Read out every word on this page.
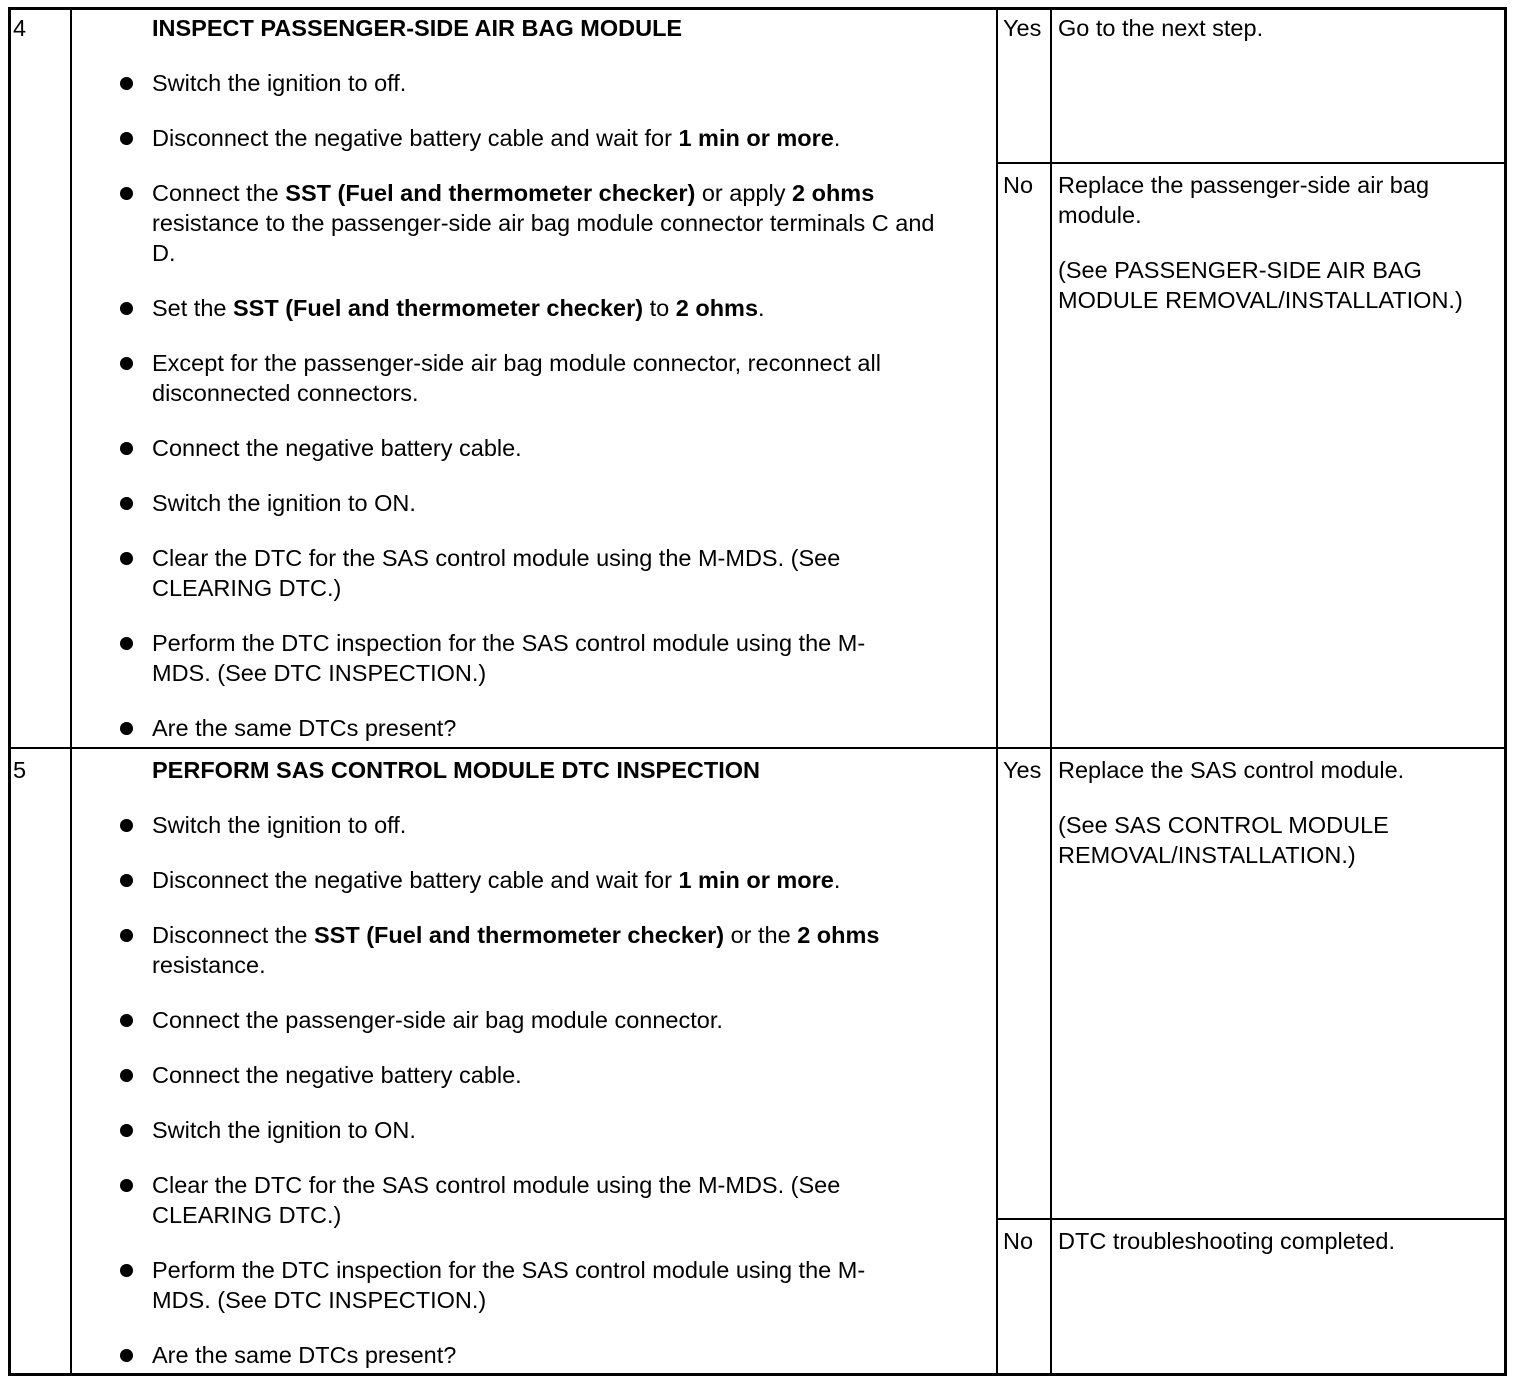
4	INSPECT PASSENGER-SIDE AIR BAG MODULE
Switch the ignition to off.
Disconnect the negative battery cable and wait for 1 min or more.
Connect the SST (Fuel and thermometer checker) or apply 2 ohms resistance to the passenger-side air bag module connector terminals C and D.
Set the SST (Fuel and thermometer checker) to 2 ohms.
Except for the passenger-side air bag module connector, reconnect all disconnected connectors.
Connect the negative battery cable.
Switch the ignition to ON.
Clear the DTC for the SAS control module using the M-MDS. (See CLEARING DTC.)
Perform the DTC inspection for the SAS control module using the M-MDS. (See DTC INSPECTION.)
Are the same DTCs present?
Yes Go to the next step.
No Replace the passenger-side air bag module.
(See PASSENGER-SIDE AIR BAG MODULE REMOVAL/INSTALLATION.)
5	PERFORM SAS CONTROL MODULE DTC INSPECTION
Switch the ignition to off.
Disconnect the negative battery cable and wait for 1 min or more.
Disconnect the SST (Fuel and thermometer checker) or the 2 ohms resistance.
Connect the passenger-side air bag module connector.
Connect the negative battery cable.
Switch the ignition to ON.
Clear the DTC for the SAS control module using the M-MDS. (See CLEARING DTC.)
Perform the DTC inspection for the SAS control module using the M-MDS. (See DTC INSPECTION.)
Are the same DTCs present?
Yes Replace the SAS control module.
(See SAS CONTROL MODULE REMOVAL/INSTALLATION.)
No DTC troubleshooting completed.
